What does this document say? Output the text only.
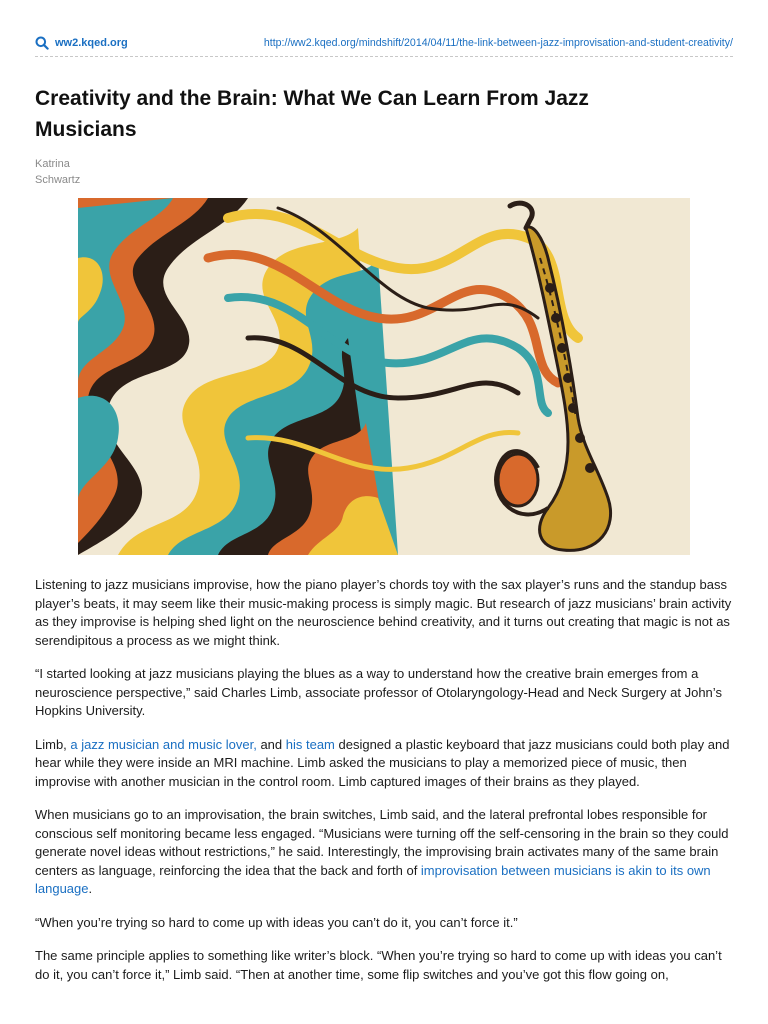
ww2.kqed.org	http://ww2.kqed.org/mindshift/2014/04/11/the-link-between-jazz-improvisation-and-student-creativity/
Creativity and the Brain: What We Can Learn From Jazz Musicians
Katrina
Schwartz

Listening to jazz musicians improvise, how the piano player’s chords toy with the sax player’s runs and the standup bass player’s beats, it may seem like their music-making process is simply magic. But research of jazz musicians’ brain activity as they improvise is helping shed light on the neuroscience behind creativity, and it turns out creating that magic is not as serendipitous a process as we might think.

“I started looking at jazz musicians playing the blues as a way to understand how the creative brain emerges from a neuroscience perspective,” said Charles Limb, associate professor of Otolaryngology-Head and Neck Surgery at John’s Hopkins University.

Limb, a jazz musician and music lover, and his team designed a plastic keyboard that jazz musicians could both play and hear while they were inside an MRI machine. Limb asked the musicians to play a memorized piece of music, then improvise with another musician in the control room. Limb captured images of their brains as they played.

When musicians go to an improvisation, the brain switches, Limb said, and the lateral prefrontal lobes responsible for conscious self monitoring became less engaged. “Musicians were turning off the self-censoring in the brain so they could generate novel ideas without restrictions,” he said. Interestingly, the improvising brain activates many of the same brain centers as language, reinforcing the idea that the back and forth of improvisation between musicians is akin to its own language.

“When you’re trying so hard to come up with ideas you can’t do it, you can’t force it.”

The same principle applies to something like writer’s block. “When you’re trying so hard to come up with ideas you can’t do it, you can’t force it,” Limb said. “Then at another time, some flip switches and you’ve got this flow going on,
